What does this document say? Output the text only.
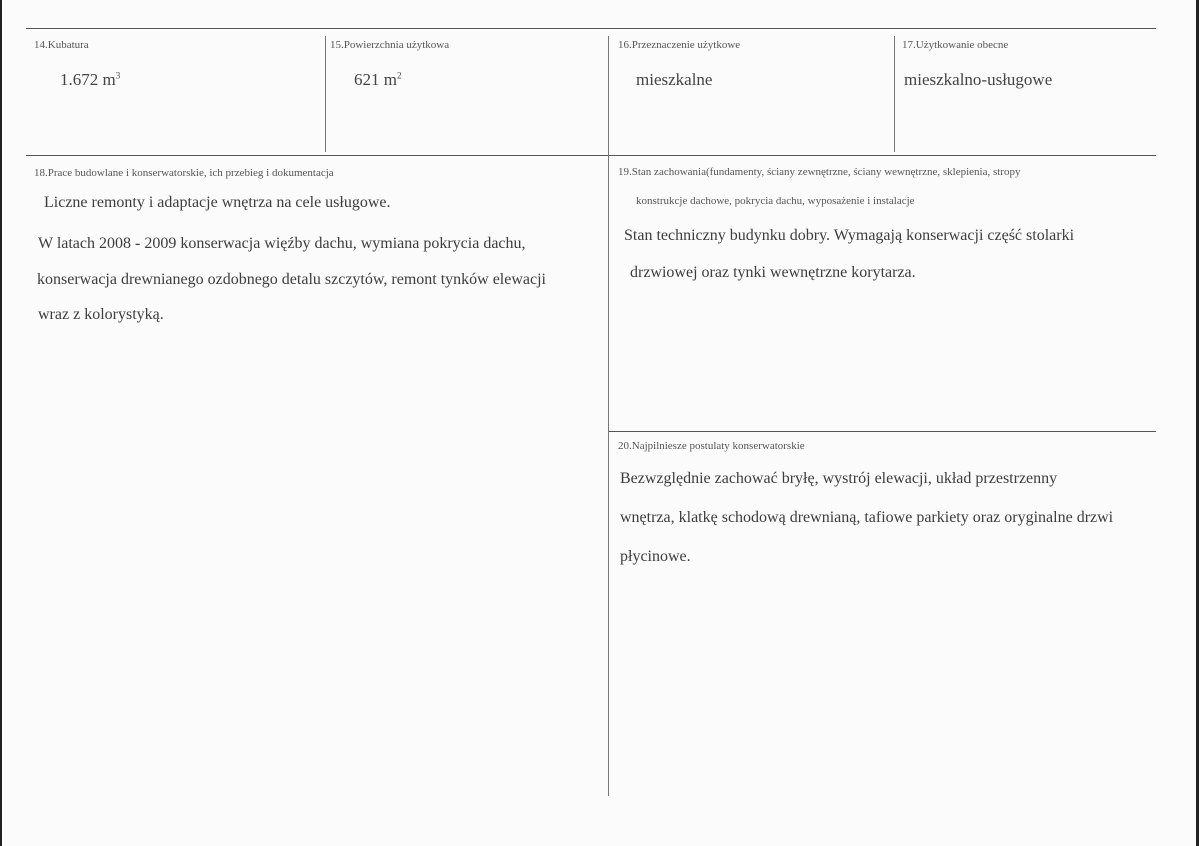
14.Kubatura
1.672 $m^3$
15.Powierzchnia użytkowa
621 $m^2$
16.Przeznaczenie użytkowe
mieszkalne
17.Użytkowanie obecne
mieszkalno-usługowe
18.Prace budowlane i konserwatorskie, ich przebieg i dokumentacja
Liczne remonty i adaptacje wnętrza na cele usługowe.
W latach 2008 - 2009 konserwacja więźby dachu, wymiana pokrycia dachu,
konserwacja drewnianego ozdobnego detalu szczytów, remont tynków elewacji
wraz z kolorystyką.
19.Stan zachowania(fundamenty, ściany zewnętrzne, ściany wewnętrzne, sklepienia, stropy
konstrukcje dachowe, pokrycia dachu, wyposażenie i instalacje
Stan techniczny budynku dobry. Wymagają konserwacji część stolarki
drzwiowej oraz tynki wewnętrzne korytarza.
20.Najpilniesze postulaty konserwatorskie
Bezwzględnie zachować bryłę, wystrój elewacji, układ przestrzenny
wnętrza, klatkę schodową drewnianą, tafiowe parkiety oraz oryginalne drzwi
płycinowe.
